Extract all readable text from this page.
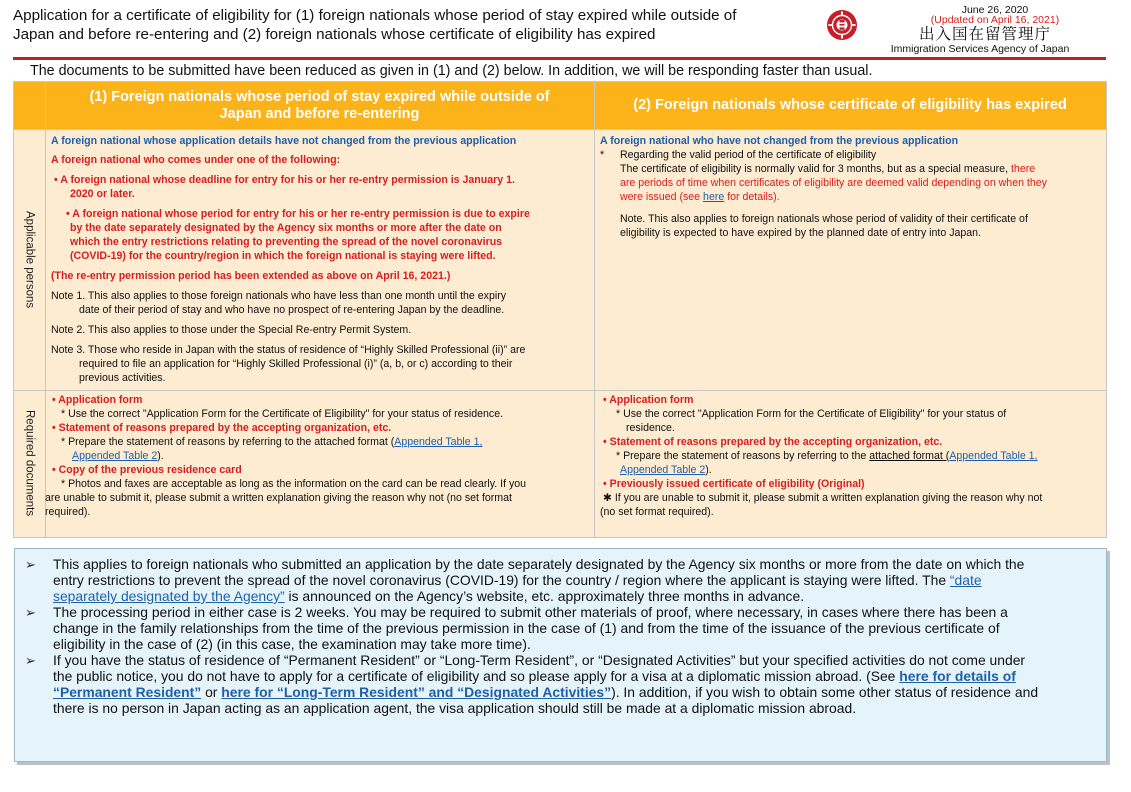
Application for a certificate of eligibility for (1) foreign nationals whose period of stay expired while outside of
Japan and before re-entering and (2) foreign nationals whose certificate of eligibility has expired
June 26, 2020
(Updated on April 16, 2021)
出入国在留管理庁
Immigration Services Agency of Japan
The documents to be submitted have been reduced as given in (1) and (2) below. In addition, we will be responding faster than usual.
(1) Foreign nationals whose period of stay expired while outside of
Japan and before re-entering
(2) Foreign nationals whose certificate of eligibility has expired
Applicable persons
Required documents
A foreign national whose application details have not changed from the previous application
A foreign national who comes under one of the following:
• A foreign national whose deadline for entry for his or her re-entry permission is January 1.
2020 or later.
• A foreign national whose period for entry for his or her re-entry permission is due to expire
by the date separately designated by the Agency six months or more after the date on
which the entry restrictions relating to preventing the spread of the novel coronavirus
(COVID-19) for the country/region in which the foreign national is staying were lifted.
(The re-entry permission period has been extended as above on April 16, 2021.)
Note 1. This also applies to those foreign nationals who have less than one month until the expiry
date of their period of stay and who have no prospect of re-entering Japan by the deadline.
Note 2. This also applies to those under the Special Re-entry Permit System.
Note 3. Those who reside in Japan with the status of residence of “Highly Skilled Professional (ii)” are
required to file an application for “Highly Skilled Professional (i)” (a, b, or c) according to their
previous activities.
A foreign national who have not changed from the previous application
* Regarding the valid period of the certificate of eligibility
The certificate of eligibility is normally valid for 3 months, but as a special measure, there
are periods of time when certificates of eligibility are deemed valid depending on when they
were issued (see here for details).
Note. This also applies to foreign nationals whose period of validity of their certificate of
eligibility is expected to have expired by the planned date of entry into Japan.
• Application form
* Use the correct "Application Form for the Certificate of Eligibility" for your status of residence.
• Statement of reasons prepared by the accepting organization, etc.
* Prepare the statement of reasons by referring to the attached format (Appended Table 1,
Appended Table 2).
• Copy of the previous residence card
* Photos and faxes are acceptable as long as the information on the card can be read clearly. If you
are unable to submit it, please submit a written explanation giving the reason why not (no set format
required).
• Application form
* Use the correct "Application Form for the Certificate of Eligibility" for your status of
residence.
• Statement of reasons prepared by the accepting organization, etc.
* Prepare the statement of reasons by referring to the attached format (Appended Table 1,
Appended Table 2).
• Previously issued certificate of eligibility (Original)
✱ If you are unable to submit it, please submit a written explanation giving the reason why not
(no set format required).
➢ This applies to foreign nationals who submitted an application by the date separately designated by the Agency six months or more from the date on which the
entry restrictions to prevent the spread of the novel coronavirus (COVID-19) for the country / region where the applicant is staying were lifted. The “date
separately designated by the Agency” is announced on the Agency’s website, etc. approximately three months in advance.
➢ The processing period in either case is 2 weeks. You may be required to submit other materials of proof, where necessary, in cases where there has been a
change in the family relationships from the time of the previous permission in the case of (1) and from the time of the issuance of the previous certificate of
eligibility in the case of (2) (in this case, the examination may take more time).
➢ If you have the status of residence of “Permanent Resident” or “Long-Term Resident”, or “Designated Activities” but your specified activities do not come under
the public notice, you do not have to apply for a certificate of eligibility and so please apply for a visa at a diplomatic mission abroad. (See here for details of
“Permanent Resident” or here for “Long-Term Resident” and “Designated Activities”). In addition, if you wish to obtain some other status of residence and
there is no person in Japan acting as an application agent, the visa application should still be made at a diplomatic mission abroad.
